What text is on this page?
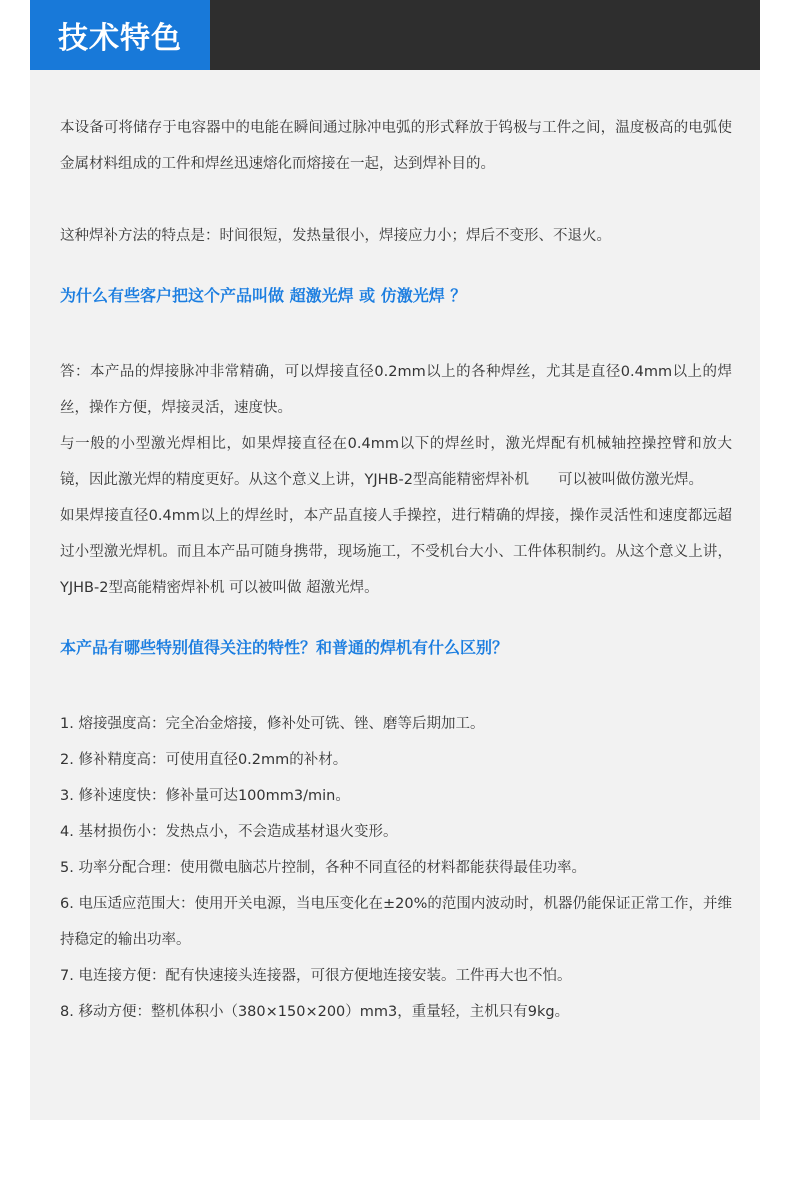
技术特色

本设备可将储存于电容器中的电能在瞬间通过脉冲电弧的形式释放于钨极与工件之间，温度极高的电弧使金属材料组成的工件和焊丝迅速熔化而熔接在一起，达到焊补目的。

这种焊补方法的特点是：时间很短，发热量很小，焊接应力小；焊后不变形、不退火。

为什么有些客户把这个产品叫做 超激光焊 或 仿激光焊 ？

答：本产品的焊接脉冲非常精确，可以焊接直径0.2mm以上的各种焊丝，尤其是直径0.4mm以上的焊丝，操作方便，焊接灵活，速度快。

与一般的小型激光焊相比，如果焊接直径在0.4mm以下的焊丝时，激光焊配有机械轴控操控臂和放大镜，因此激光焊的精度更好。从这个意义上讲，YJHB-2型高能精密焊补机　　可以被叫做仿激光焊。

如果焊接直径0.4mm以上的焊丝时，本产品直接人手操控，进行精确的焊接，操作灵活性和速度都远超过小型激光焊机。而且本产品可随身携带，现场施工，不受机台大小、工件体积制约。从这个意义上讲，YJHB-2型高能精密焊补机 可以被叫做 超激光焊。

本产品有哪些特别值得关注的特性？和普通的焊机有什么区别？

1. 熔接强度高：完全冶金熔接，修补处可铣、锉、磨等后期加工。

2. 修补精度高：可使用直径0.2mm的补材。

3. 修补速度快：修补量可达100mm3/min。

4. 基材损伤小：发热点小，不会造成基材退火变形。

5. 功率分配合理：使用微电脑芯片控制，各种不同直径的材料都能获得最佳功率。

6. 电压适应范围大：使用开关电源，当电压变化在±20%的范围内波动时，机器仍能保证正常工作，并维持稳定的输出功率。

7. 电连接方便：配有快速接头连接器，可很方便地连接安装。工件再大也不怕。

8. 移动方便：整机体积小（380×150×200）mm3，重量轻，主机只有9kg。
